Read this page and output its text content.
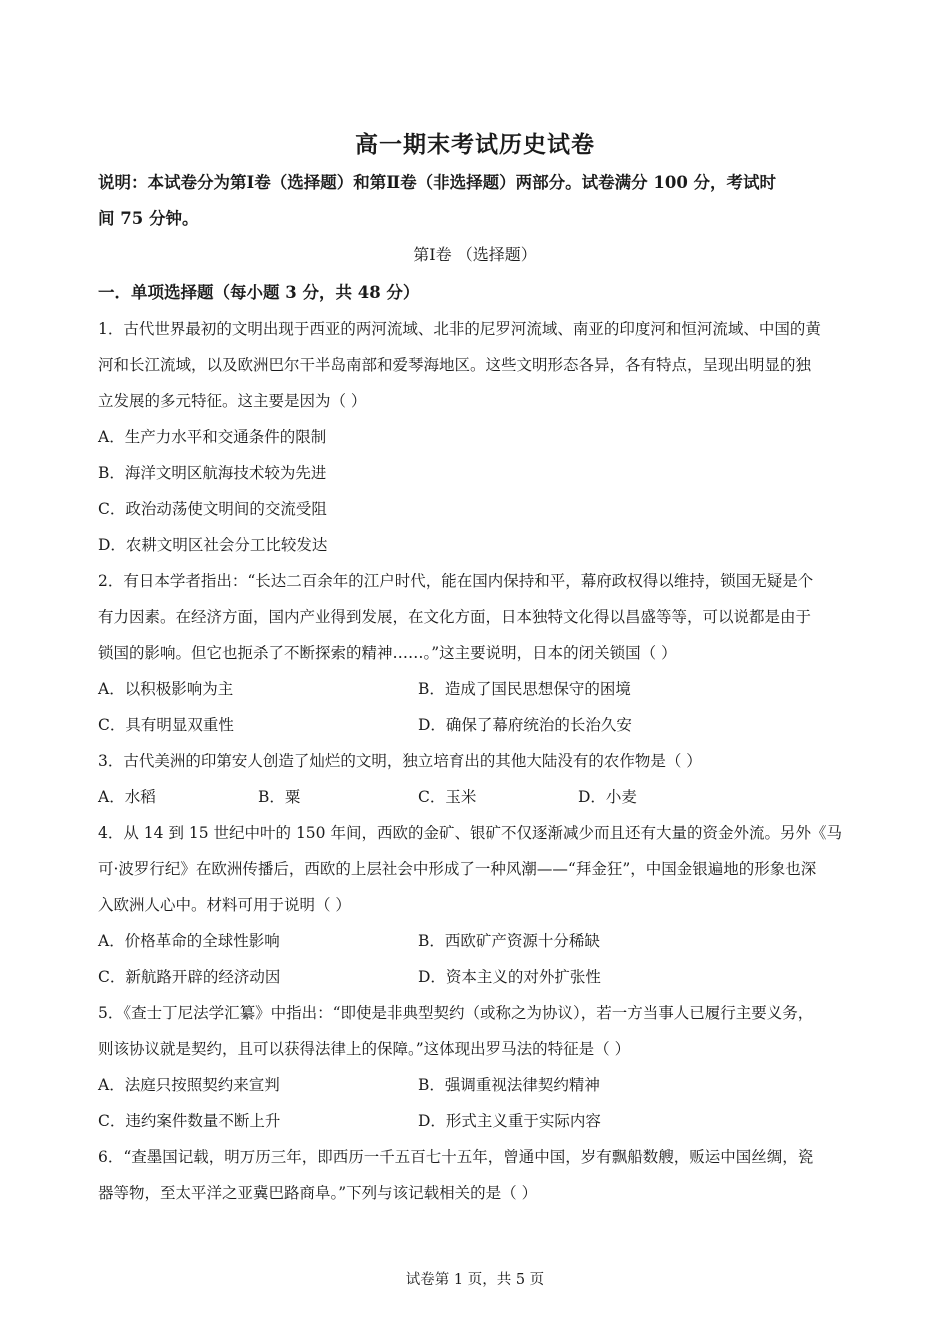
高一期末考试历史试卷
说明：本试卷分为第Ⅰ卷（选择题）和第Ⅱ卷（非选择题）两部分。试卷满分 100 分，考试时
间 75 分钟。
第Ⅰ卷 （选择题）
一．单项选择题（每小题 3 分，共 48 分）
1．古代世界最初的文明出现于西亚的两河流域、北非的尼罗河流域、南亚的印度河和恒河流域、中国的黄
河和长江流域，以及欧洲巴尔干半岛南部和爱琴海地区。这些文明形态各异，各有特点，呈现出明显的独
立发展的多元特征。这主要是因为（ ）
A．生产力水平和交通条件的限制
B．海洋文明区航海技术较为先进
C．政治动荡使文明间的交流受阻
D．农耕文明区社会分工比较发达
2．有日本学者指出：“长达二百余年的江户时代，能在国内保持和平，幕府政权得以维持，锁国无疑是个
有力因素。在经济方面，国内产业得到发展，在文化方面，日本独特文化得以昌盛等等，可以说都是由于
锁国的影响。但它也扼杀了不断探索的精神……。”这主要说明，日本的闭关锁国（ ）
A．以积极影响为主	B．造成了国民思想保守的困境
C．具有明显双重性	D．确保了幕府统治的长治久安
3．古代美洲的印第安人创造了灿烂的文明，独立培育出的其他大陆没有的农作物是（ ）
A．水稻	B．粟	C．玉米	D．小麦
4．从 14 到 15 世纪中叶的 150 年间，西欧的金矿、银矿不仅逐渐减少而且还有大量的资金外流。另外《马
可·波罗行纪》在欧洲传播后，西欧的上层社会中形成了一种风潮——“拜金狂”，中国金银遍地的形象也深
入欧洲人心中。材料可用于说明（ ）
A．价格革命的全球性影响	B．西欧矿产资源十分稀缺
C．新航路开辟的经济动因	D．资本主义的对外扩张性
5．《查士丁尼法学汇纂》中指出：“即使是非典型契约（或称之为协议），若一方当事人已履行主要义务，
则该协议就是契约，且可以获得法律上的保障。”这体现出罗马法的特征是（ ）
A．法庭只按照契约来宣判	B．强调重视法律契约精神
C．违约案件数量不断上升	D．形式主义重于实际内容
6．“查墨国记载，明万历三年，即西历一千五百七十五年，曾通中国，岁有飘船数艘，贩运中国丝绸，瓷
器等物，至太平洋之亚冀巴路商阜。”下列与该记载相关的是（ ）
试卷第 1 页，共 5 页
